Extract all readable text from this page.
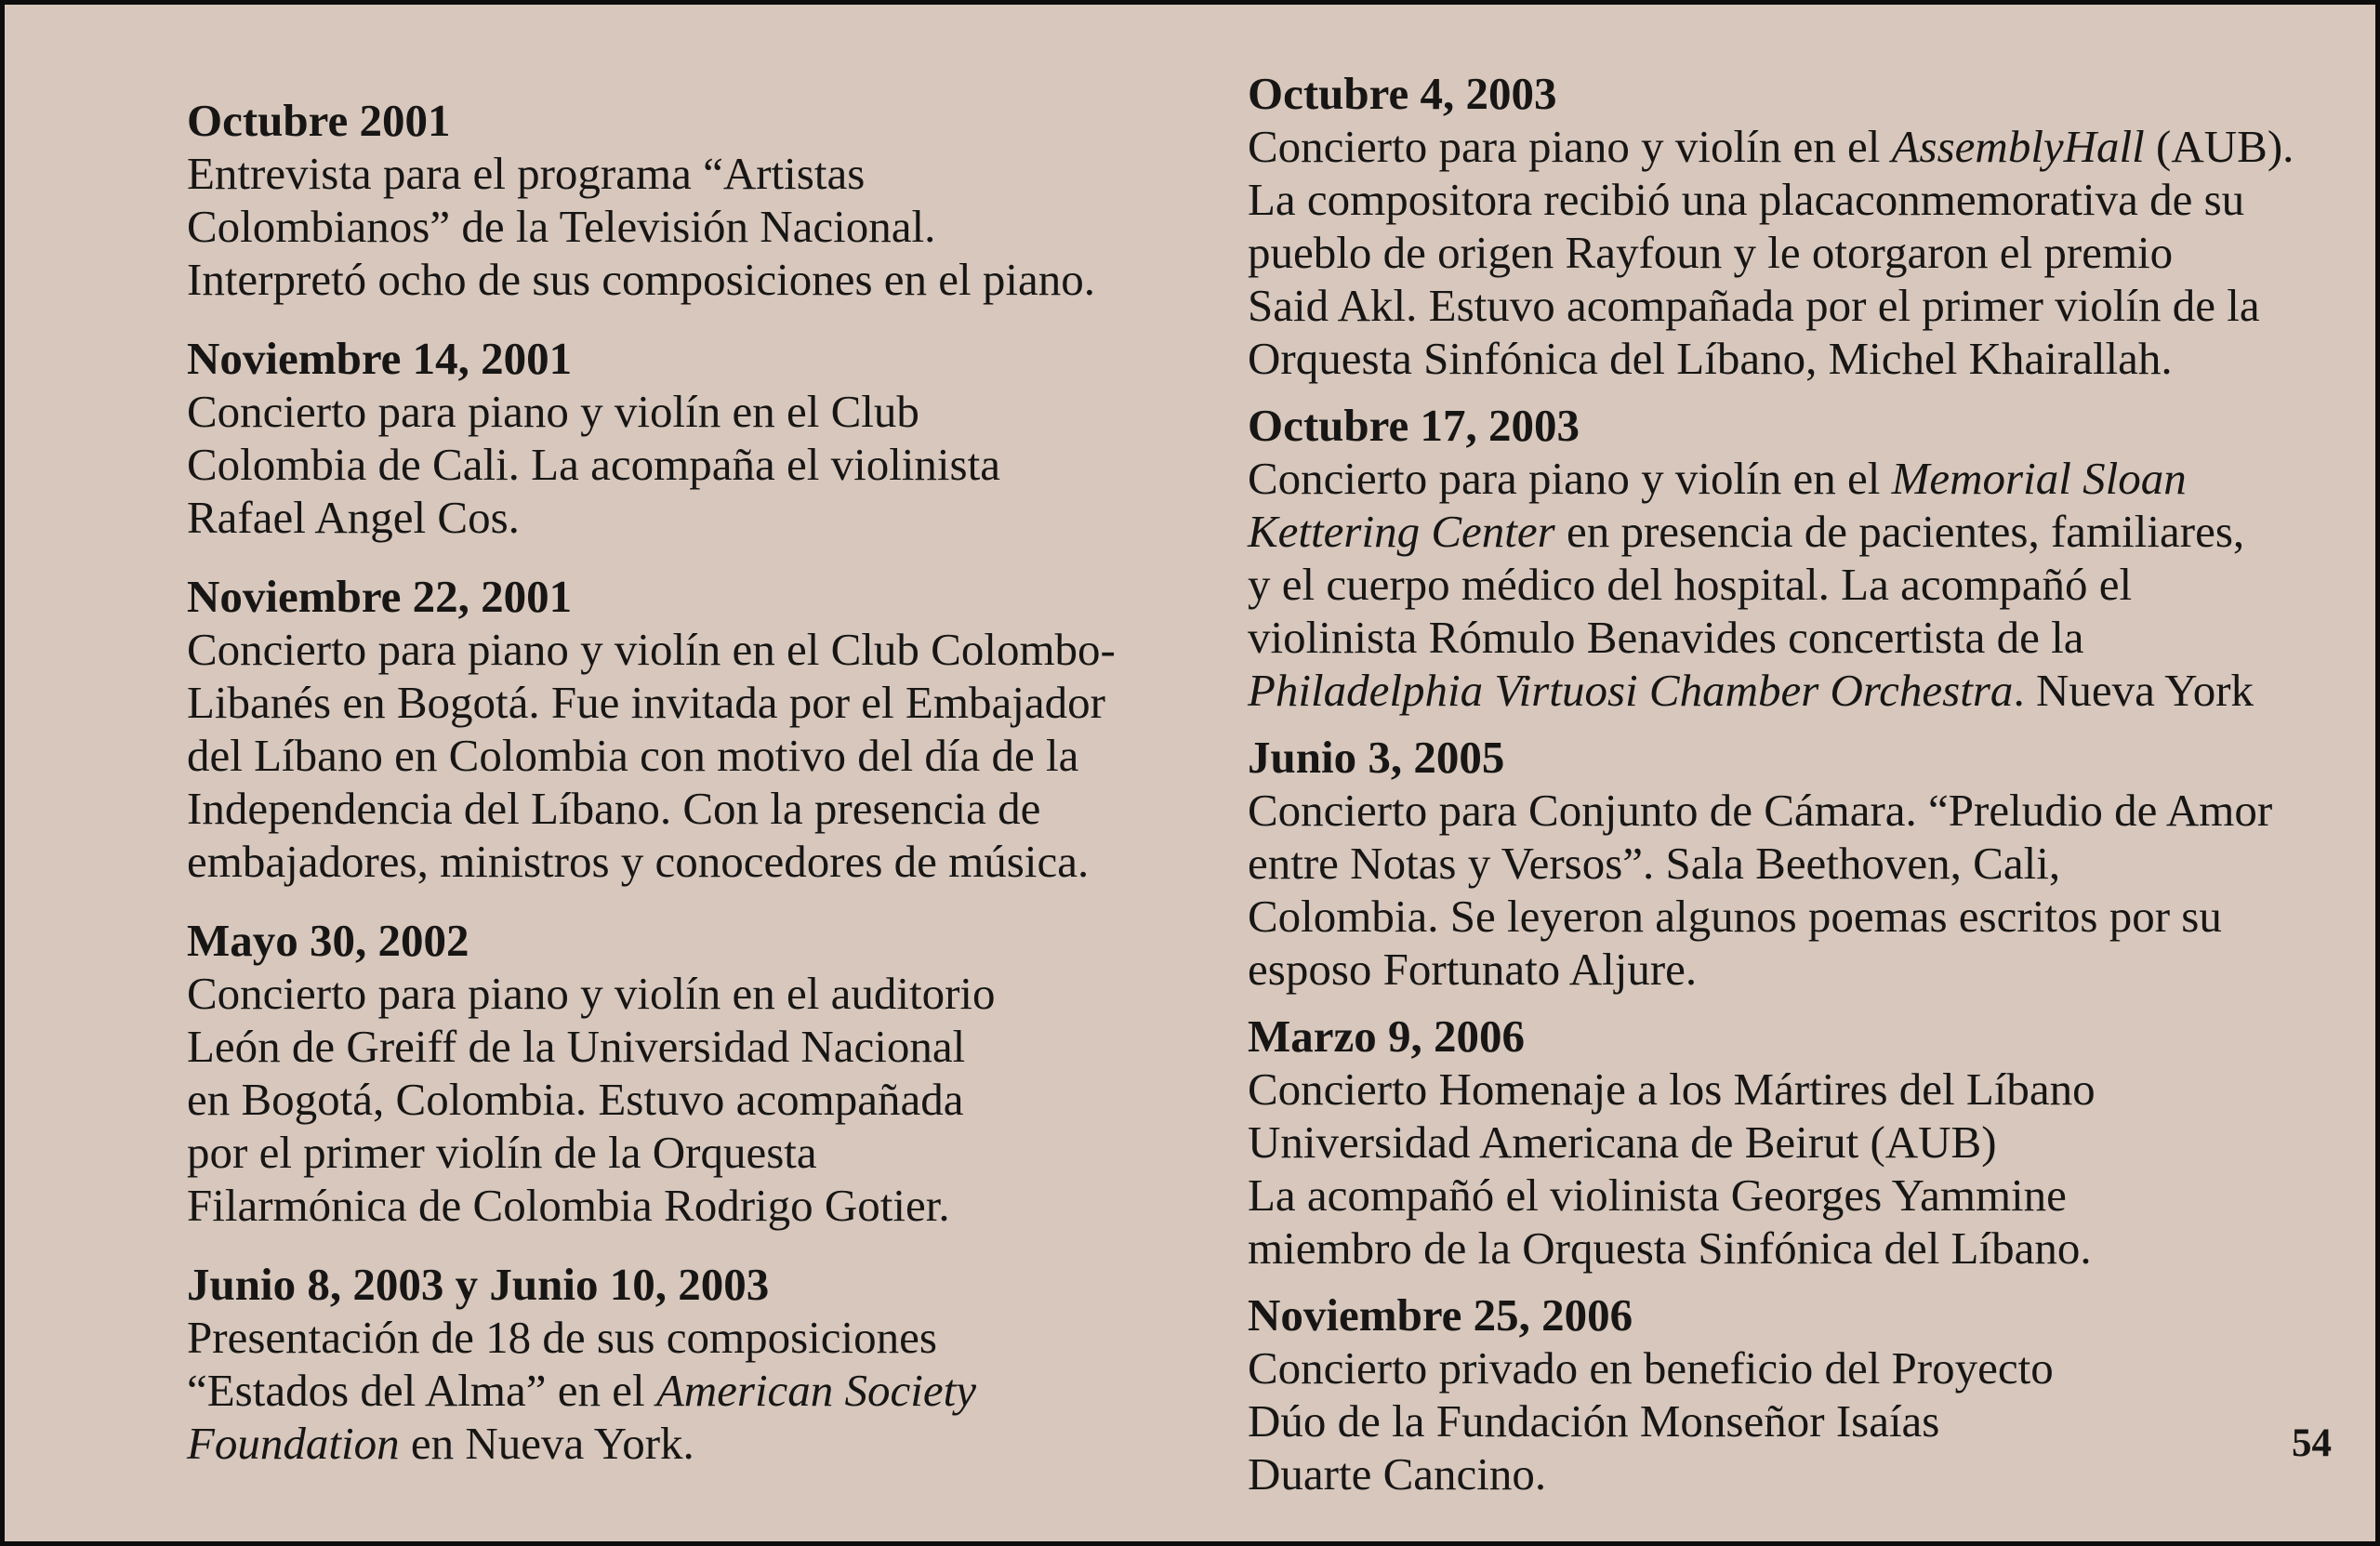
Octubre 2001
Entrevista para el programa “Artistas
Colombianos” de la Televisión Nacional.
Interpretó ocho de sus composiciones en el piano.
Noviembre 14, 2001
Concierto para piano y violín en el Club
Colombia de Cali. La acompaña el violinista
Rafael Angel Cos.
Noviembre 22, 2001
Concierto para piano y violín en el Club Colombo-
Libanés en Bogotá. Fue invitada por el Embajador
del Líbano en Colombia con motivo del día de la
Independencia del Líbano. Con la presencia de
embajadores, ministros y conocedores de música.
Mayo 30, 2002
Concierto para piano y violín en el auditorio
León de Greiff de la Universidad Nacional
en Bogotá, Colombia. Estuvo acompañada
por el primer violín de la Orquesta
Filarmónica de Colombia Rodrigo Gotier.
Junio 8, 2003 y Junio 10, 2003
Presentación de 18 de sus composiciones
“Estados del Alma” en el American Society
Foundation en Nueva York.
Octubre 4, 2003
Concierto para piano y violín en el AssemblyHall (AUB).
La compositora recibió una placaconmemorativa de su
pueblo de origen Rayfoun y le otorgaron el premio
Said Akl. Estuvo acompañada por el primer violín de la
Orquesta Sinfónica del Líbano, Michel Khairallah.
Octubre 17, 2003
Concierto para piano y violín en el Memorial Sloan
Kettering Center en presencia de pacientes, familiares,
y el cuerpo médico del hospital. La acompañó el
violinista Rómulo Benavides concertista de la
Philadelphia Virtuosi Chamber Orchestra. Nueva York
Junio 3, 2005
Concierto para Conjunto de Cámara. “Preludio de Amor
entre Notas y Versos”. Sala Beethoven, Cali,
Colombia. Se leyeron algunos poemas escritos por su
esposo Fortunato Aljure.
Marzo 9, 2006
Concierto Homenaje a los Mártires del Líbano
Universidad Americana de Beirut (AUB)
La acompañó el violinista Georges Yammine
miembro de la Orquesta Sinfónica del Líbano.
Noviembre 25, 2006
Concierto privado en beneficio del Proyecto
Dúo de la Fundación Monseñor Isaías
Duarte Cancino.
54
